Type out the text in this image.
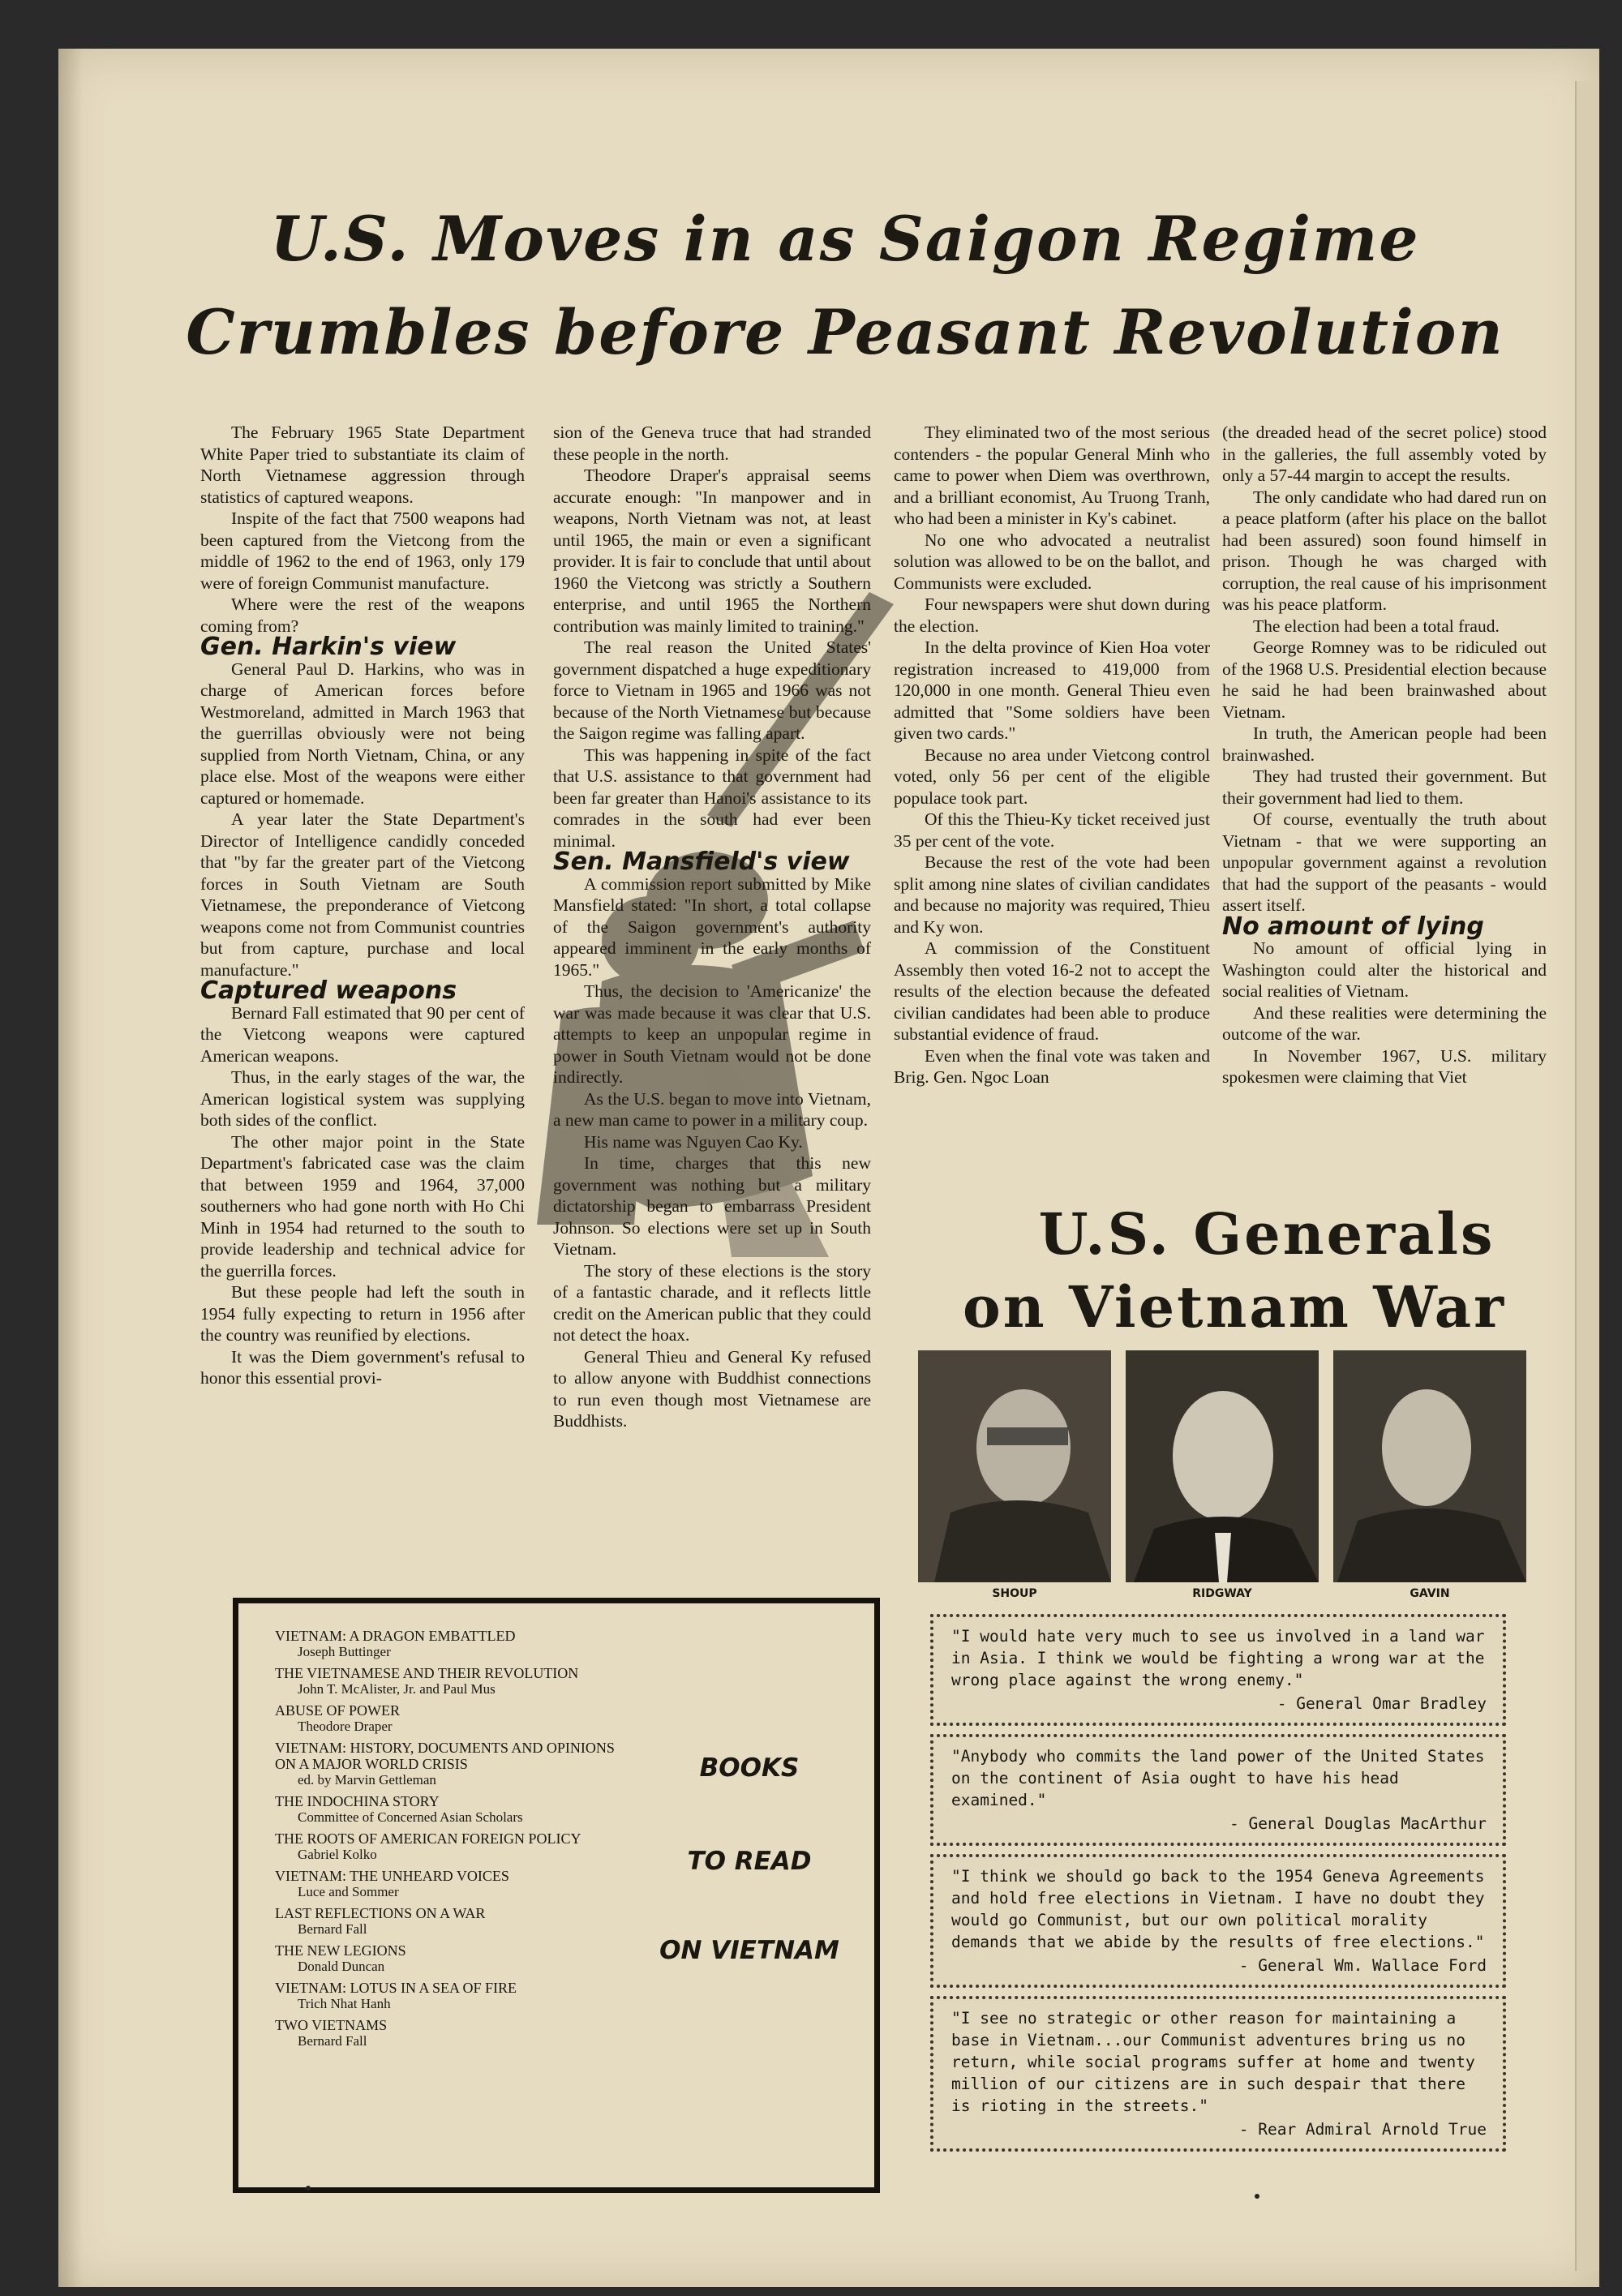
U.S. Moves in as Saigon Regime
Crumbles before Peasant Revolution

The February 1965 State Department White Paper tried to substantiate its claim of North Vietnamese aggression through statistics of captured weapons.

Inspite of the fact that 7500 weapons had been captured from the Vietcong from the middle of 1962 to the end of 1963, only 179 were of foreign Communist manufacture.

Where were the rest of the weapons coming from?

Gen. Harkin's view

General Paul D. Harkins, who was in charge of American forces before Westmoreland, admitted in March 1963 that the guerrillas obviously were not being supplied from North Vietnam, China, or any place else. Most of the weapons were either captured or homemade.

A year later the State Department's Director of Intelligence candidly conceded that "by far the greater part of the Vietcong forces in South Vietnam are South Vietnamese, the preponderance of Vietcong weapons come not from Communist countries but from capture, purchase and local manufacture."

Captured weapons

Bernard Fall estimated that 90 per cent of the Vietcong weapons were captured American weapons.

Thus, in the early stages of the war, the American logistical system was supplying both sides of the conflict.

The other major point in the State Department's fabricated case was the claim that between 1959 and 1964, 37,000 southerners who had gone north with Ho Chi Minh in 1954 had returned to the south to provide leadership and technical advice for the guerrilla forces.

But these people had left the south in 1954 fully expecting to return in 1956 after the country was reunified by elections.

It was the Diem government's refusal to honor this essential provi-

sion of the Geneva truce that had stranded these people in the north.

Theodore Draper's appraisal seems accurate enough: "In manpower and in weapons, North Vietnam was not, at least until 1965, the main or even a significant provider. It is fair to conclude that until about 1960 the Vietcong was strictly a Southern enterprise, and until 1965 the Northern contribution was mainly limited to training."

The real reason the United States' government dispatched a huge expeditionary force to Vietnam in 1965 and 1966 was not because of the North Vietnamese but because the Saigon regime was falling apart.

This was happening in spite of the fact that U.S. assistance to that government had been far greater than Hanoi's assistance to its comrades in the south had ever been minimal.

Sen. Mansfield's view

A commission report submitted by Mike Mansfield stated: "In short, a total collapse of the Saigon government's authority appeared imminent in the early months of 1965."

Thus, the decision to 'Americanize' the war was made because it was clear that U.S. attempts to keep an unpopular regime in power in South Vietnam would not be done indirectly.

As the U.S. began to move into Vietnam, a new man came to power in a military coup.

His name was Nguyen Cao Ky.

In time, charges that this new government was nothing but a military dictatorship began to embarrass President Johnson. So elections were set up in South Vietnam.

The story of these elections is the story of a fantastic charade, and it reflects little credit on the American public that they could not detect the hoax.

General Thieu and General Ky refused to allow anyone with Buddhist connections to run even though most Vietnamese are Buddhists.

They eliminated two of the most serious contenders - the popular General Minh who came to power when Diem was overthrown, and a brilliant economist, Au Truong Tranh, who had been a minister in Ky's cabinet.

No one who advocated a neutralist solution was allowed to be on the ballot, and Communists were excluded.

Four newspapers were shut down during the election.

In the delta province of Kien Hoa voter registration increased to 419,000 from 120,000 in one month. General Thieu even admitted that "Some soldiers have been given two cards."

Because no area under Vietcong control voted, only 56 per cent of the eligible populace took part.

Of this the Thieu-Ky ticket received just 35 per cent of the vote.

Because the rest of the vote had been split among nine slates of civilian candidates and because no majority was required, Thieu and Ky won.

A commission of the Constituent Assembly then voted 16-2 not to accept the results of the election because the defeated civilian candidates had been able to produce substantial evidence of fraud.

Even when the final vote was taken and Brig. Gen. Ngoc Loan

(the dreaded head of the secret police) stood in the galleries, the full assembly voted by only a 57-44 margin to accept the results.

The only candidate who had dared run on a peace platform (after his place on the ballot had been assured) soon found himself in prison. Though he was charged with corruption, the real cause of his imprisonment was his peace platform.

The election had been a total fraud.

George Romney was to be ridiculed out of the 1968 U.S. Presidential election because he said he had been brainwashed about Vietnam.

In truth, the American people had been brainwashed.

They had trusted their government. But their government had lied to them.

Of course, eventually the truth about Vietnam - that we were supporting an unpopular government against a revolution that had the support of the peasants - would assert itself.

No amount of lying

No amount of official lying in Washington could alter the historical and social realities of Vietnam.

And these realities were determining the outcome of the war.

In November 1967, U.S. military spokesmen were claiming that Viet

U.S. Generals
on Vietnam War
SHOUP	RIDGWAY	GAVIN
"I would hate very much to see us involved in a land war in Asia. I think we would be fighting a wrong war at the wrong place against the wrong enemy."
- General Omar Bradley
"Anybody who commits the land power of the United States on the continent of Asia ought to have his head examined."
- General Douglas MacArthur
"I think we should go back to the 1954 Geneva Agreements and hold free elections in Vietnam. I have no doubt they would go Communist, but our own political morality demands that we abide by the results of free elections."
- General Wm. Wallace Ford
"I see no strategic or other reason for maintaining a base in Vietnam...our Communist adventures bring us no return, while social programs suffer at home and twenty million of our citizens are in such despair that there is rioting in the streets."
- Rear Admiral Arnold True
VIETNAM: A DRAGON EMBATTLED
Joseph Buttinger
THE VIETNAMESE AND THEIR REVOLUTION
John T. McAlister, Jr. and Paul Mus
ABUSE OF POWER
Theodore Draper
VIETNAM: HISTORY, DOCUMENTS AND OPINIONS ON A MAJOR WORLD CRISIS
ed. by Marvin Gettleman
THE INDOCHINA STORY
Committee of Concerned Asian Scholars
THE ROOTS OF AMERICAN FOREIGN POLICY
Gabriel Kolko
VIETNAM: THE UNHEARD VOICES
Luce and Sommer
LAST REFLECTIONS ON A WAR
Bernard Fall
THE NEW LEGIONS
Donald Duncan
VIETNAM: LOTUS IN A SEA OF FIRE
Trich Nhat Hanh
TWO VIETNAMS
Bernard Fall
BOOKS
TO READ
ON VIETNAM
